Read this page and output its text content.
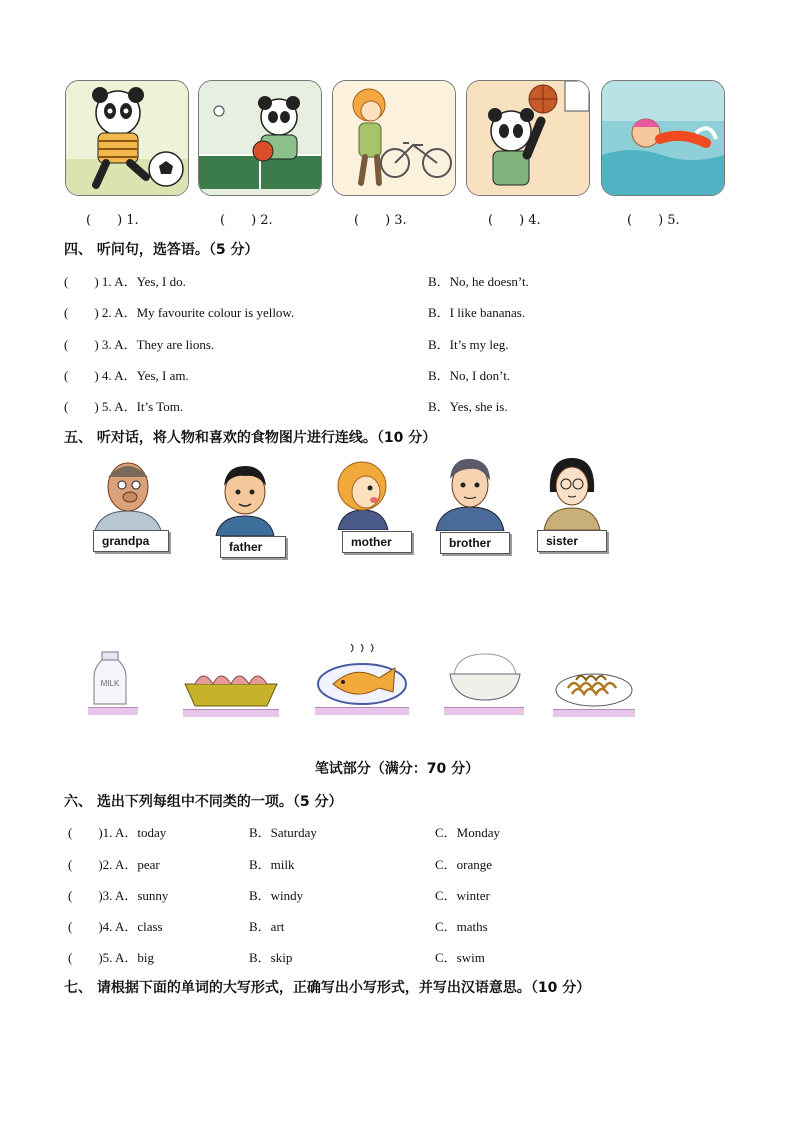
(　　) 1.	(　　) 2.	(　　) 3.	(　　) 4.	(　　) 5.
四、 听问句，选答语。（5 分）
(　　) 1. A．Yes, I do.	B．No, he doesn’t.
(　　) 2. A．My favourite colour is yellow.	B．I like bananas.
(　　) 3. A．They are lions.	B．It’s my leg.
(　　) 4. A．Yes, I am.	B．No, I don’t.
(　　) 5. A．It’s Tom.	B．Yes, she is.
五、 听对话，将人物和喜欢的食物图片进行连线。（10 分）
grandpa	father	mother	brother	sister
MILK
笔试部分（满分：70 分）
六、 选出下列每组中不同类的一项。（5 分）
(　　)1. A．today	B．Saturday	C．Monday
(　　)2. A．pear	B．milk	C．orange
(　　)3. A．sunny	B．windy	C．winter
(　　)4. A．class	B．art	C．maths
(　　)5. A．big	B．skip	C．swim
七、 请根据下面的单词的大写形式，正确写出小写形式，并写出汉语意思。（10 分）
